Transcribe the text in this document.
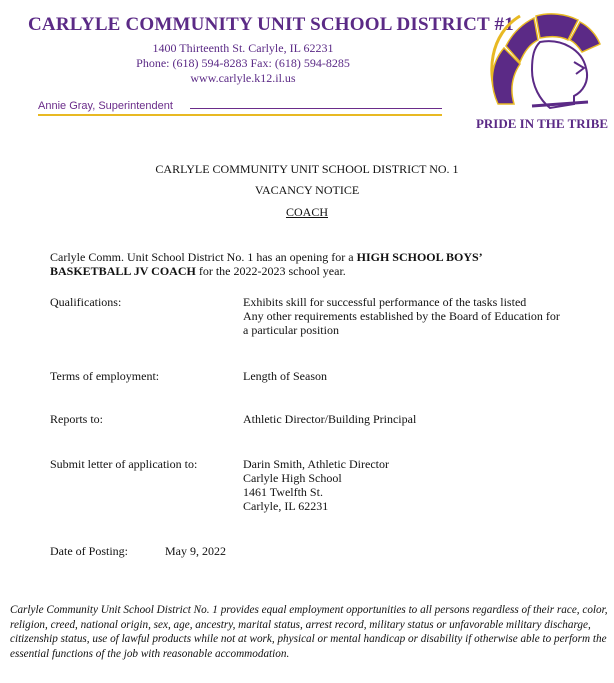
CARLYLE COMMUNITY UNIT SCHOOL DISTRICT #1
1400 Thirteenth St. Carlyle, IL 62231
Phone: (618) 594-8283 Fax: (618) 594-8285
www.carlyle.k12.il.us
Annie Gray, Superintendent
PRIDE IN THE TRIBE
CARLYLE COMMUNITY UNIT SCHOOL DISTRICT NO. 1
VACANCY NOTICE
COACH
Carlyle Comm. Unit School District No. 1 has an opening for a HIGH SCHOOL BOYS’
BASKETBALL JV COACH for the 2022-2023 school year.
Qualifications:	Exhibits skill for successful performance of the tasks listed
Any other requirements established by the Board of Education for
a particular position
Terms of employment:	Length of Season
Reports to:	Athletic Director/Building Principal
Submit letter of application to:	Darin Smith, Athletic Director
Carlyle High School
1461 Twelfth St.
Carlyle, IL 62231
Date of Posting:	May 9, 2022
Carlyle Community Unit School District No. 1 provides equal employment opportunities to all persons regardless of their race, color, religion, creed, national origin, sex, age, ancestry, marital status, arrest record, military status or unfavorable military discharge, citizenship status, use of lawful products while not at work, physical or mental handicap or disability if otherwise able to perform the essential functions of the job with reasonable accommodation.
